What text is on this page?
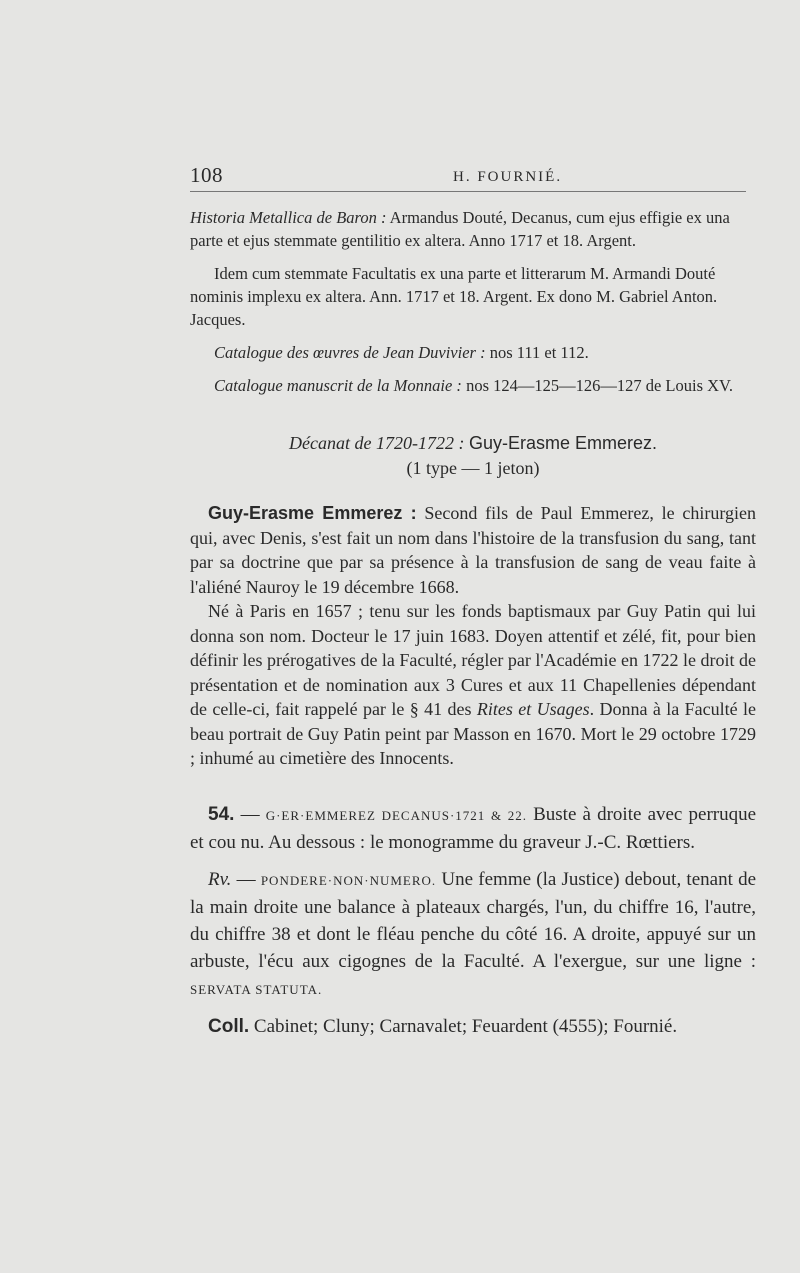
108	H. FOURNIÉ.

Historia Metallica de Baron : Armandus Douté, Decanus, cum ejus effigie ex una parte et ejus stemmate gentilitio ex altera. Anno 1717 et 18. Argent.

Idem cum stemmate Facultatis ex una parte et litterarum M. Armandi Douté nominis implexu ex altera. Ann. 1717 et 18. Argent. Ex dono M. Gabriel Anton. Jacques.

Catalogue des œuvres de Jean Duvivier : nos 111 et 112.

Catalogue manuscrit de la Monnaie : nos 124—125—126—127 de Louis XV.

Décanat de 1720-1722 : Guy-Erasme Emmerez.

(1 type — 1 jeton)

Guy-Erasme Emmerez : Second fils de Paul Emmerez, le chirurgien qui, avec Denis, s'est fait un nom dans l'histoire de la transfusion du sang, tant par sa doctrine que par sa présence à la transfusion de sang de veau faite à l'aliéné Nauroy le 19 décembre 1668.

Né à Paris en 1657 ; tenu sur les fonds baptismaux par Guy Patin qui lui donna son nom. Docteur le 17 juin 1683. Doyen attentif et zélé, fit, pour bien définir les prérogatives de la Faculté, régler par l'Académie en 1722 le droit de présentation et de nomination aux 3 Cures et aux 11 Chapellenies dépendant de celle-ci, fait rappelé par le § 41 des Rites et Usages. Donna à la Faculté le beau portrait de Guy Patin peint par Masson en 1670. Mort le 29 octobre 1729 ; inhumé au cimetière des Innocents.

54. — G·ER·EMMEREZ DECANUS·1721 & 22. Buste à droite avec perruque et cou nu. Au dessous : le monogramme du graveur J.-C. Rœttiers.

Rv. — PONDERE·NON·NUMERO. Une femme (la Justice) debout, tenant de la main droite une balance à plateaux chargés, l'un, du chiffre 16, l'autre, du chiffre 38 et dont le fléau penche du côté 16. A droite, appuyé sur un arbuste, l'écu aux cigognes de la Faculté. A l'exergue, sur une ligne : SERVATA STATUTA.

Coll. Cabinet; Cluny; Carnavalet; Feuardent (4555); Fournié.
